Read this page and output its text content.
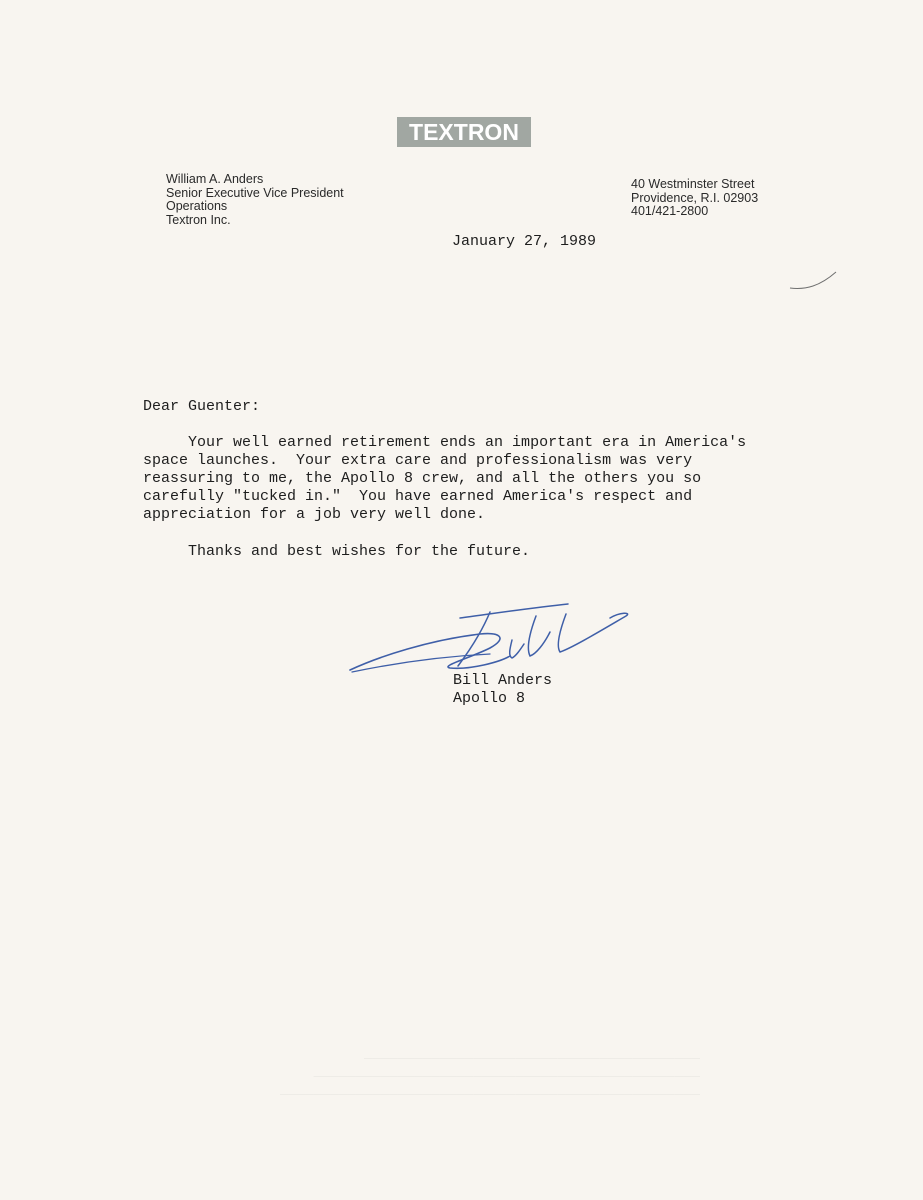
TEXTRON
William A. Anders
Senior Executive Vice President
Operations
Textron Inc.
40 Westminster Street
Providence, R.I. 02903
401/421-2800
January 27, 1989
Dear Guenter:
Your well earned retirement ends an important era in America's
space launches.  Your extra care and professionalism was very
reassuring to me, the Apollo 8 crew, and all the others you so
carefully "tucked in."  You have earned America's respect and
appreciation for a job very well done.
Thanks and best wishes for the future.
Bill Anders
Apollo 8
________________________________________
______________________________________________
__________________________________________________
